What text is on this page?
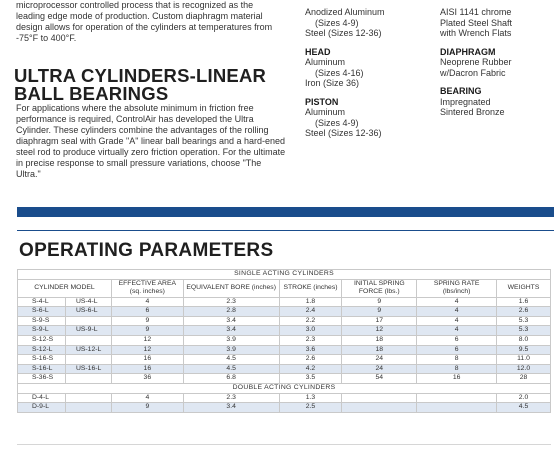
microprocessor controlled process that is recognized as the leading edge mode of production. Custom diaphragm material design allows for operation of the cylinders at temperatures from -75°F to 400°F.
ULTRA CYLINDERS-LINEAR
BALL BEARINGS
For applications where the absolute minimum in friction free performance is required, ControlAir has developed the Ultra Cylinder. These cylinders combine the advantages of the rolling diaphragm seal with Grade "A" linear ball bearings and a hard-ened steel rod to produce virtually zero friction operation. For the ultimate in precise response to small pressure variations, choose "The Ultra."
Anodized Aluminum
(Sizes 4-9)
Steel (Sizes 12-36)
HEAD
Aluminum
(Sizes 4-16)
Iron (Size 36)
PISTON
Aluminum
(Sizes 4-9)
Steel (Sizes 12-36)
AISI 1141 chrome
Plated Steel Shaft
with Wrench Flats
DIAPHRAGM
Neoprene Rubber
w/Dacron Fabric
BEARING
Impregnated
Sintered Bronze
OPERATING PARAMETERS
SINGLE ACTING CYLINDERS							
CYLINDER MODEL		EFFECTIVE AREA (sq. inches)	EQUIVALENT BORE (inches)	STROKE (inches)	INITIAL SPRING FORCE (lbs.)	SPRING RATE (lbs/inch)	WEIGHTS
S-4-L	US-4-L	4	2.3	1.8	9	4	1.6
S-6-L	US-6-L	6	2.8	2.4	9	4	2.6
S-9-S		9	3.4	2.2	17	4	5.3
S-9-L	US-9-L	9	3.4	3.0	12	4	5.3
S-12-S		12	3.9	2.3	18	6	8.0
S-12-L	US-12-L	12	3.9	3.6	18	6	9.5
S-16-S		16	4.5	2.6	24	8	11.0
S-16-L	US-16-L	16	4.5	4.2	24	8	12.0
S-36-S		36	6.8	3.5	54	16	28
DOUBLE ACTING CYLINDERS							
D-4-L		4	2.3	1.3			2.0
D-9-L		9	3.4	2.5			4.5
